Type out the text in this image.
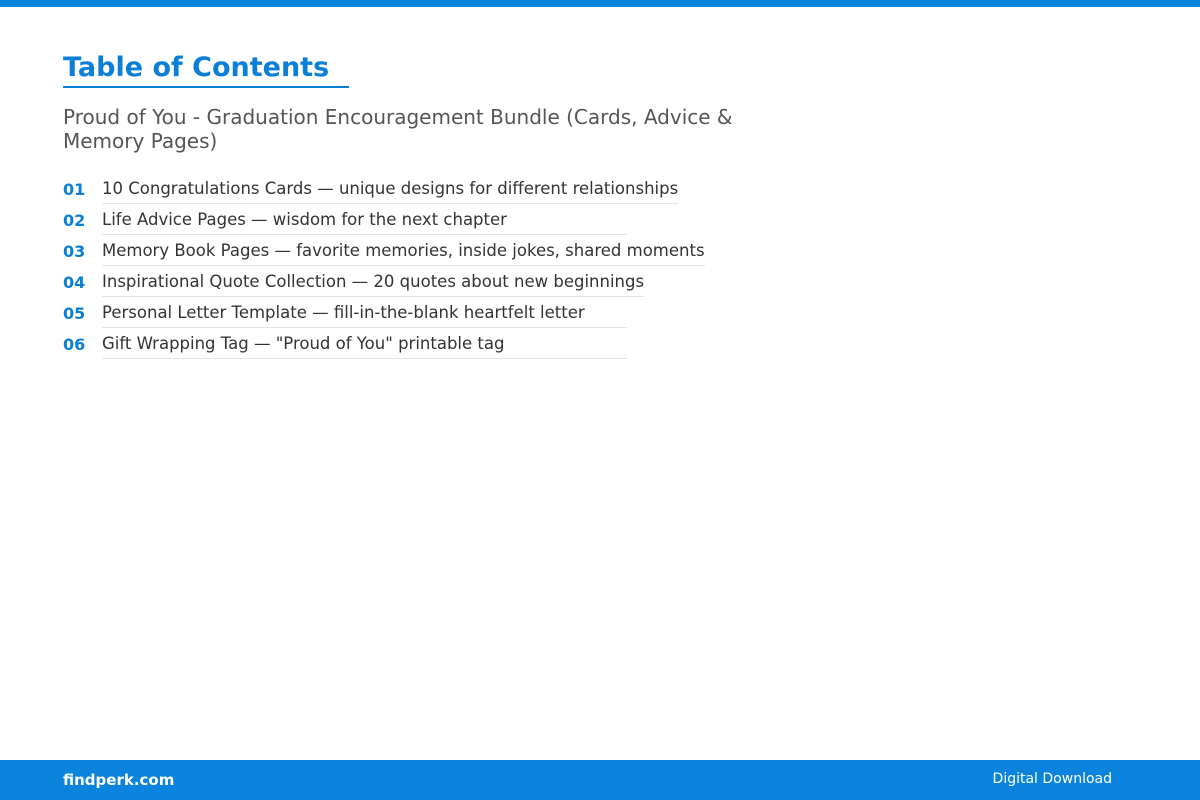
Table of Contents
Proud of You - Graduation Encouragement Bundle (Cards, Advice & Memory Pages)
01	10 Congratulations Cards — unique designs for different relationships
02	Life Advice Pages — wisdom for the next chapter
03	Memory Book Pages — favorite memories, inside jokes, shared moments
04	Inspirational Quote Collection — 20 quotes about new beginnings
05	Personal Letter Template — fill-in-the-blank heartfelt letter
06	Gift Wrapping Tag — "Proud of You" printable tag
findperk.com	Digital Download
